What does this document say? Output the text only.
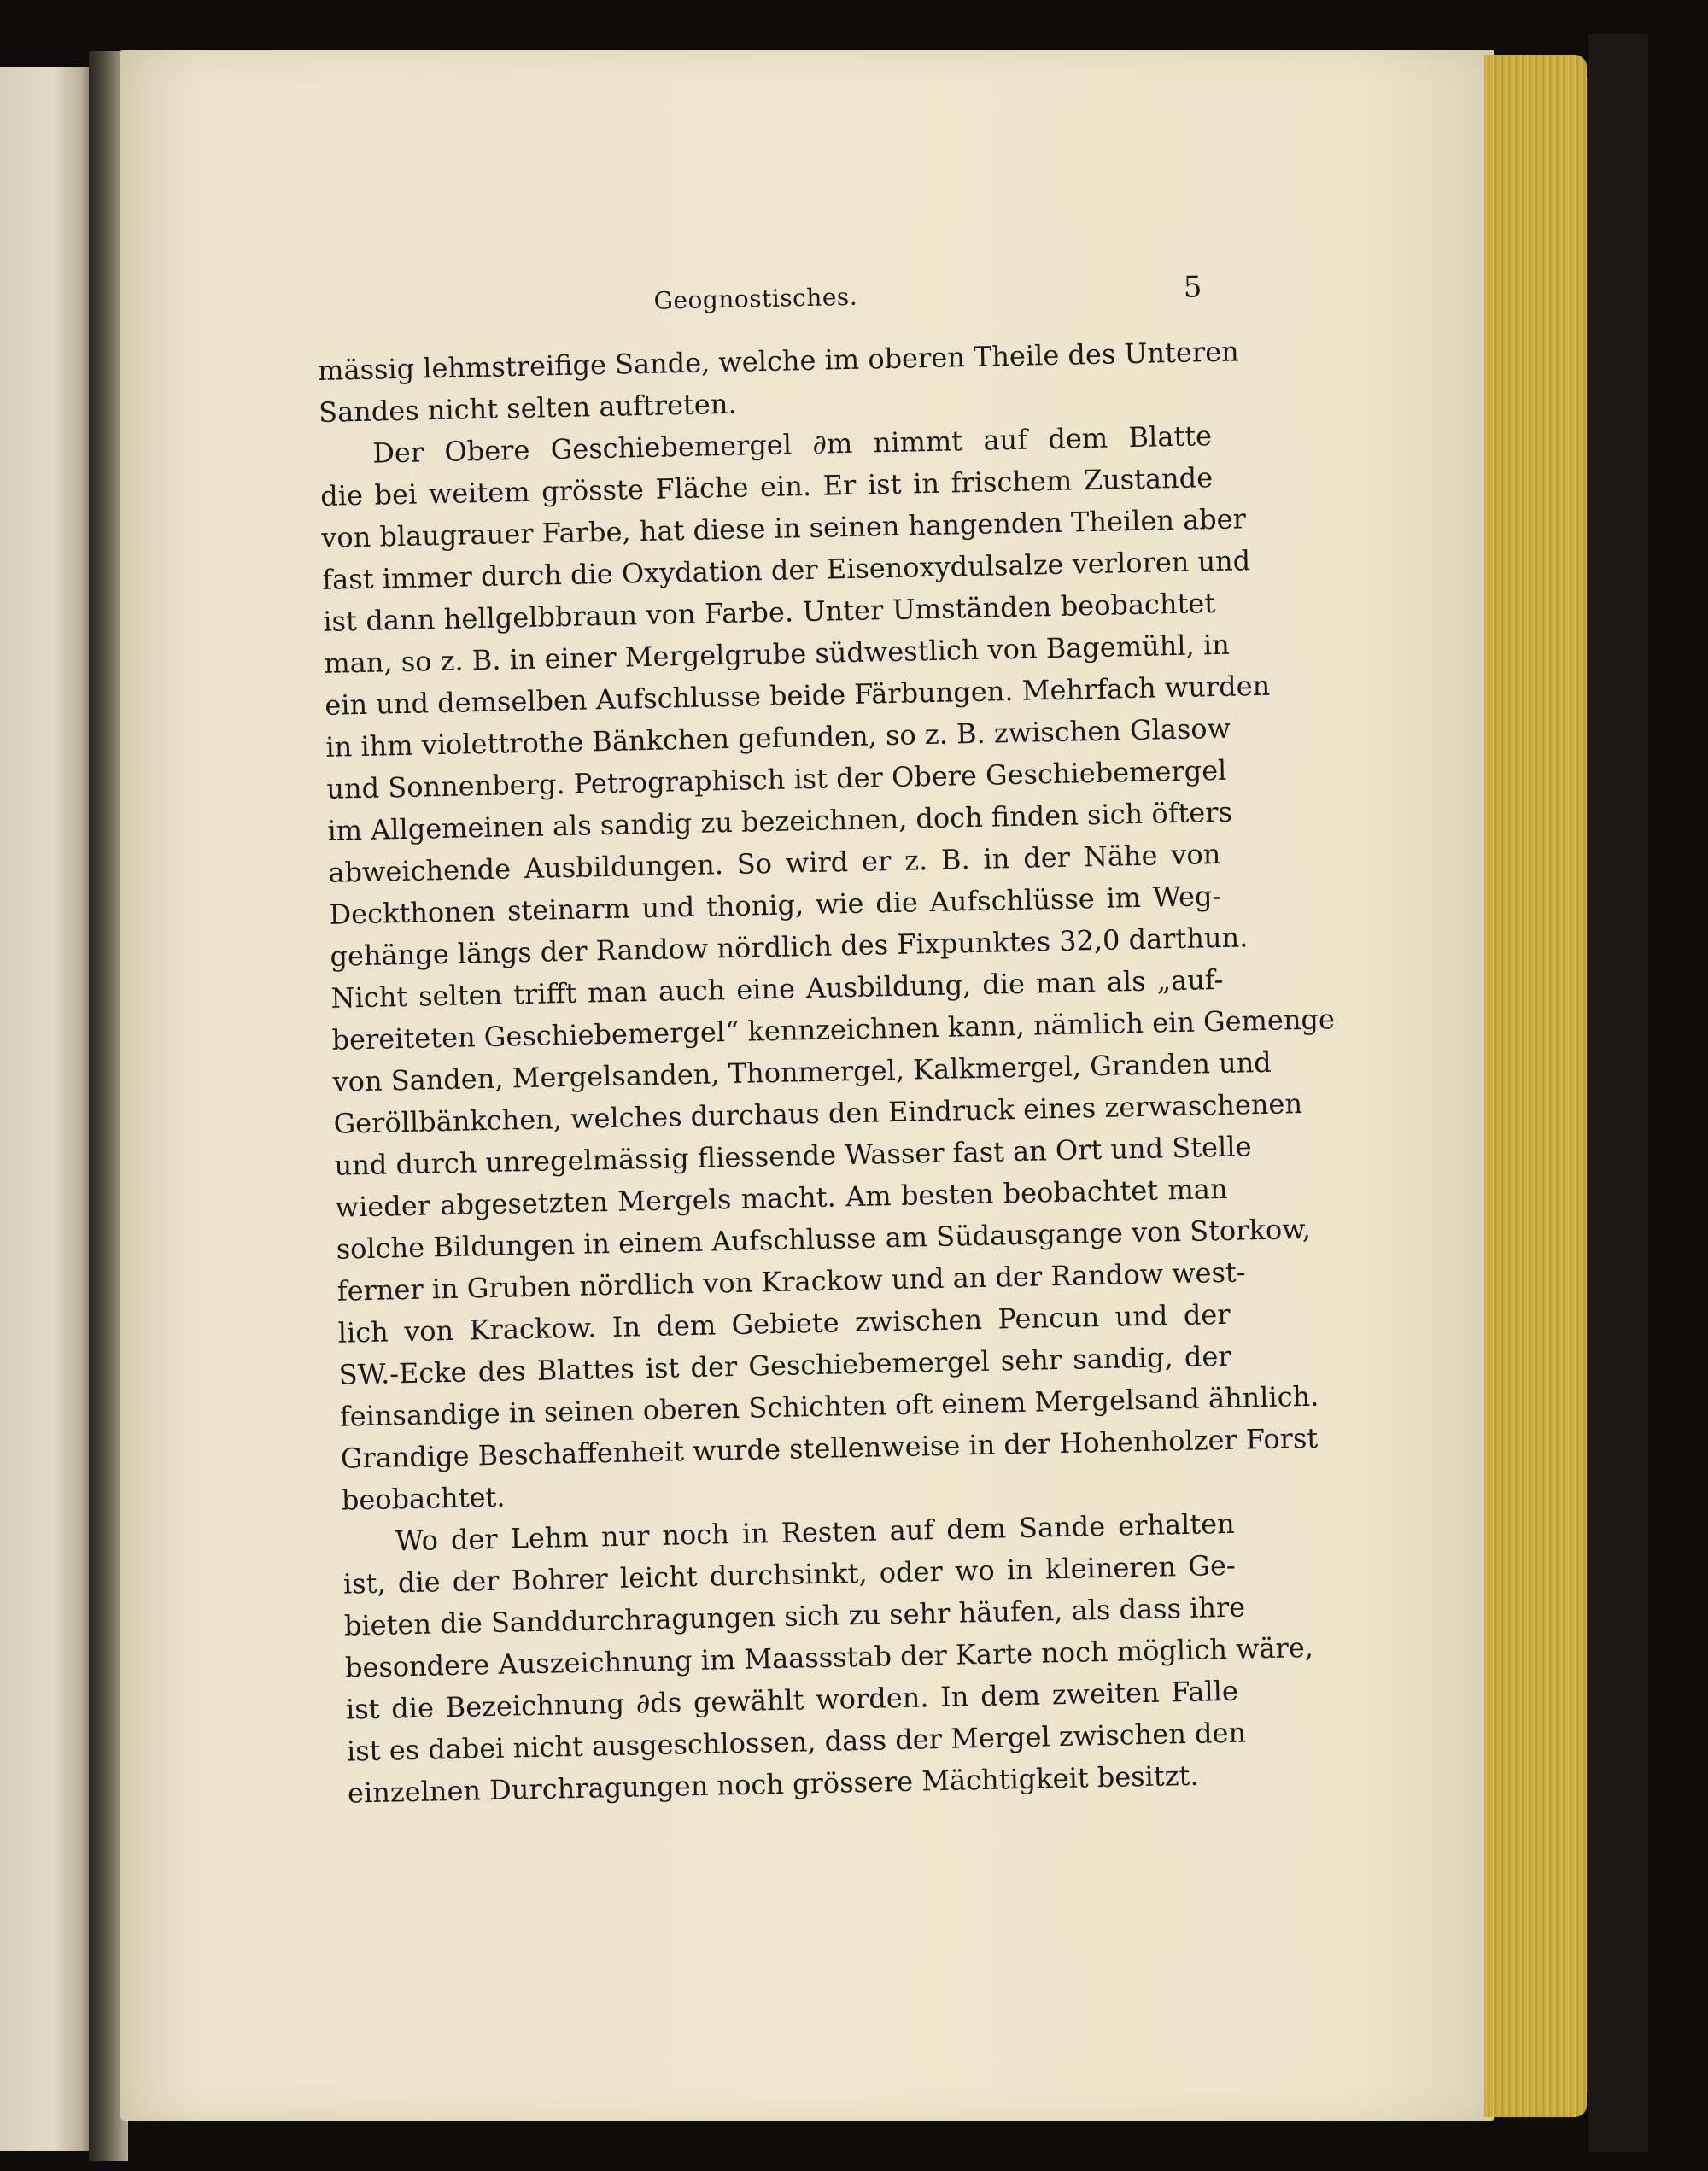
Geognostisches.	5
mässig lehmstreifige Sande, welche im oberen Theile des Unteren
Sandes nicht selten auftreten.
Der Obere Geschiebemergel ∂m nimmt auf dem Blatte
die bei weitem grösste Fläche ein. Er ist in frischem Zustande
von blaugrauer Farbe, hat diese in seinen hangenden Theilen aber
fast immer durch die Oxydation der Eisenoxydulsalze verloren und
ist dann hellgelbbraun von Farbe. Unter Umständen beobachtet
man, so z. B. in einer Mergelgrube südwestlich von Bagemühl, in
ein und demselben Aufschlusse beide Färbungen. Mehrfach wurden
in ihm violettrothe Bänkchen gefunden, so z. B. zwischen Glasow
und Sonnenberg. Petrographisch ist der Obere Geschiebemergel
im Allgemeinen als sandig zu bezeichnen, doch finden sich öfters
abweichende Ausbildungen. So wird er z. B. in der Nähe von
Deckthonen steinarm und thonig, wie die Aufschlüsse im Weg-
gehänge längs der Randow nördlich des Fixpunktes 32,0 darthun.
Nicht selten trifft man auch eine Ausbildung, die man als „auf-
bereiteten Geschiebemergel“ kennzeichnen kann, nämlich ein Gemenge
von Sanden, Mergelsanden, Thonmergel, Kalkmergel, Granden und
Geröllbänkchen, welches durchaus den Eindruck eines zerwaschenen
und durch unregelmässig fliessende Wasser fast an Ort und Stelle
wieder abgesetzten Mergels macht. Am besten beobachtet man
solche Bildungen in einem Aufschlusse am Südausgange von Storkow,
ferner in Gruben nördlich von Krackow und an der Randow west-
lich von Krackow. In dem Gebiete zwischen Pencun und der
SW.-Ecke des Blattes ist der Geschiebemergel sehr sandig, der
feinsandige in seinen oberen Schichten oft einem Mergelsand ähnlich.
Grandige Beschaffenheit wurde stellenweise in der Hohenholzer Forst
beobachtet.
Wo der Lehm nur noch in Resten auf dem Sande erhalten
ist, die der Bohrer leicht durchsinkt, oder wo in kleineren Ge-
bieten die Sanddurchragungen sich zu sehr häufen, als dass ihre
besondere Auszeichnung im Maassstab der Karte noch möglich wäre,
ist die Bezeichnung ∂ds gewählt worden. In dem zweiten Falle
ist es dabei nicht ausgeschlossen, dass der Mergel zwischen den
einzelnen Durchragungen noch grössere Mächtigkeit besitzt.
